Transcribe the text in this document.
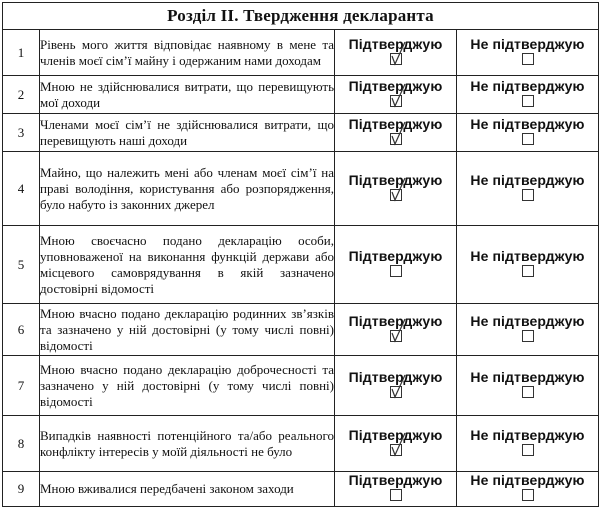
Розділ ІІ. Твердження декларанта			
1	Рівень мого життя відповідає наявному в мене та членів моєї сім’ї майну і одержаним нами доходам	Підтверджую	Не підтверджую

2	Мною не здійснювалися витрати, що перевищують мої доходи	Підтверджую	Не підтверджую

3	Членами моєї сім’ї не здійснювалися витрати, що перевищують наші доходи	Підтверджую	Не підтверджую

4	Майно, що належить мені або членам моєї сім’ї на праві володіння, користування або розпорядження, було набуто із законних джерел	Підтверджую	Не підтверджую

5	Мною своєчасно подано декларацію особи, уповноваженої на виконання функцій держави або місцевого самоврядування в якій зазначено достовірні відомості	Підтверджую	Не підтверджую

6	Мною вчасно подано декларацію родинних зв’язків та зазначено у ній достовірні (у тому числі повні) відомості	Підтверджую	Не підтверджую

7	Мною вчасно подано декларацію доброчесності та зазначено у ній достовірні (у тому числі повні) відомості	Підтверджую	Не підтверджую

8	Випадків наявності потенційного та/або реального конфлікту інтересів у моїй діяльності не було	Підтверджую	Не підтверджую

9	Мною вживалися передбачені законом заходи	Підтверджую	Не підтверджую
